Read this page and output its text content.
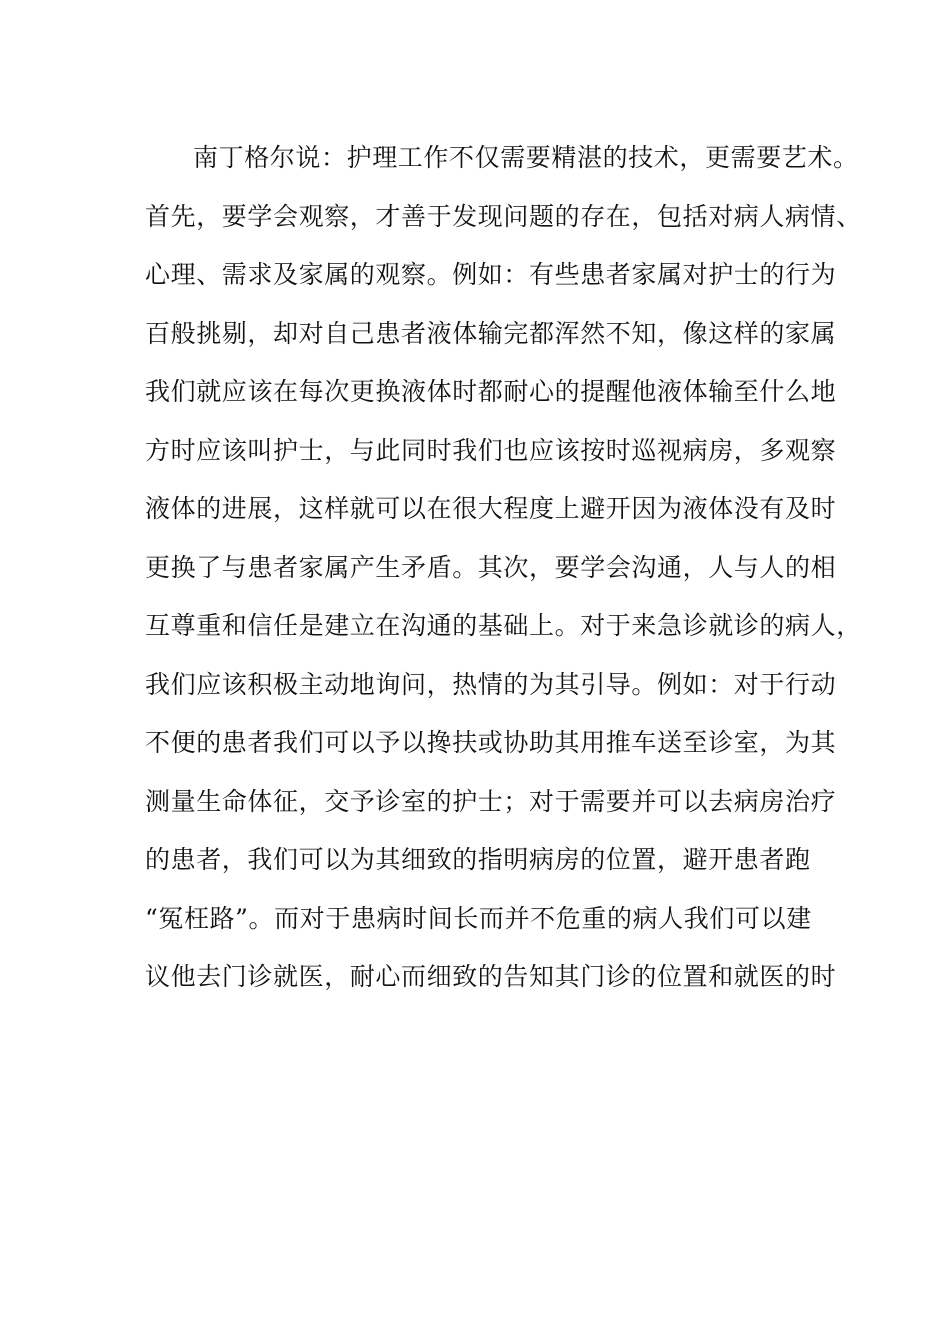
南丁格尔说：护理工作不仅需要精湛的技术，更需要艺术。
首先，要学会观察，才善于发现问题的存在，包括对病人病情、
心理、需求及家属的观察。例如：有些患者家属对护士的行为
百般挑剔，却对自己患者液体输完都浑然不知，像这样的家属
我们就应该在每次更换液体时都耐心的提醒他液体输至什么地
方时应该叫护士，与此同时我们也应该按时巡视病房，多观察
液体的进展，这样就可以在很大程度上避开因为液体没有及时
更换了与患者家属产生矛盾。其次，要学会沟通，人与人的相
互尊重和信任是建立在沟通的基础上。对于来急诊就诊的病人，
我们应该积极主动地询问，热情的为其引导。例如：对于行动
不便的患者我们可以予以搀扶或协助其用推车送至诊室，为其
测量生命体征，交予诊室的护士；对于需要并可以去病房治疗
的患者，我们可以为其细致的指明病房的位置，避开患者跑
“冤枉路”。而对于患病时间长而并不危重的病人我们可以建
议他去门诊就医，耐心而细致的告知其门诊的位置和就医的时
